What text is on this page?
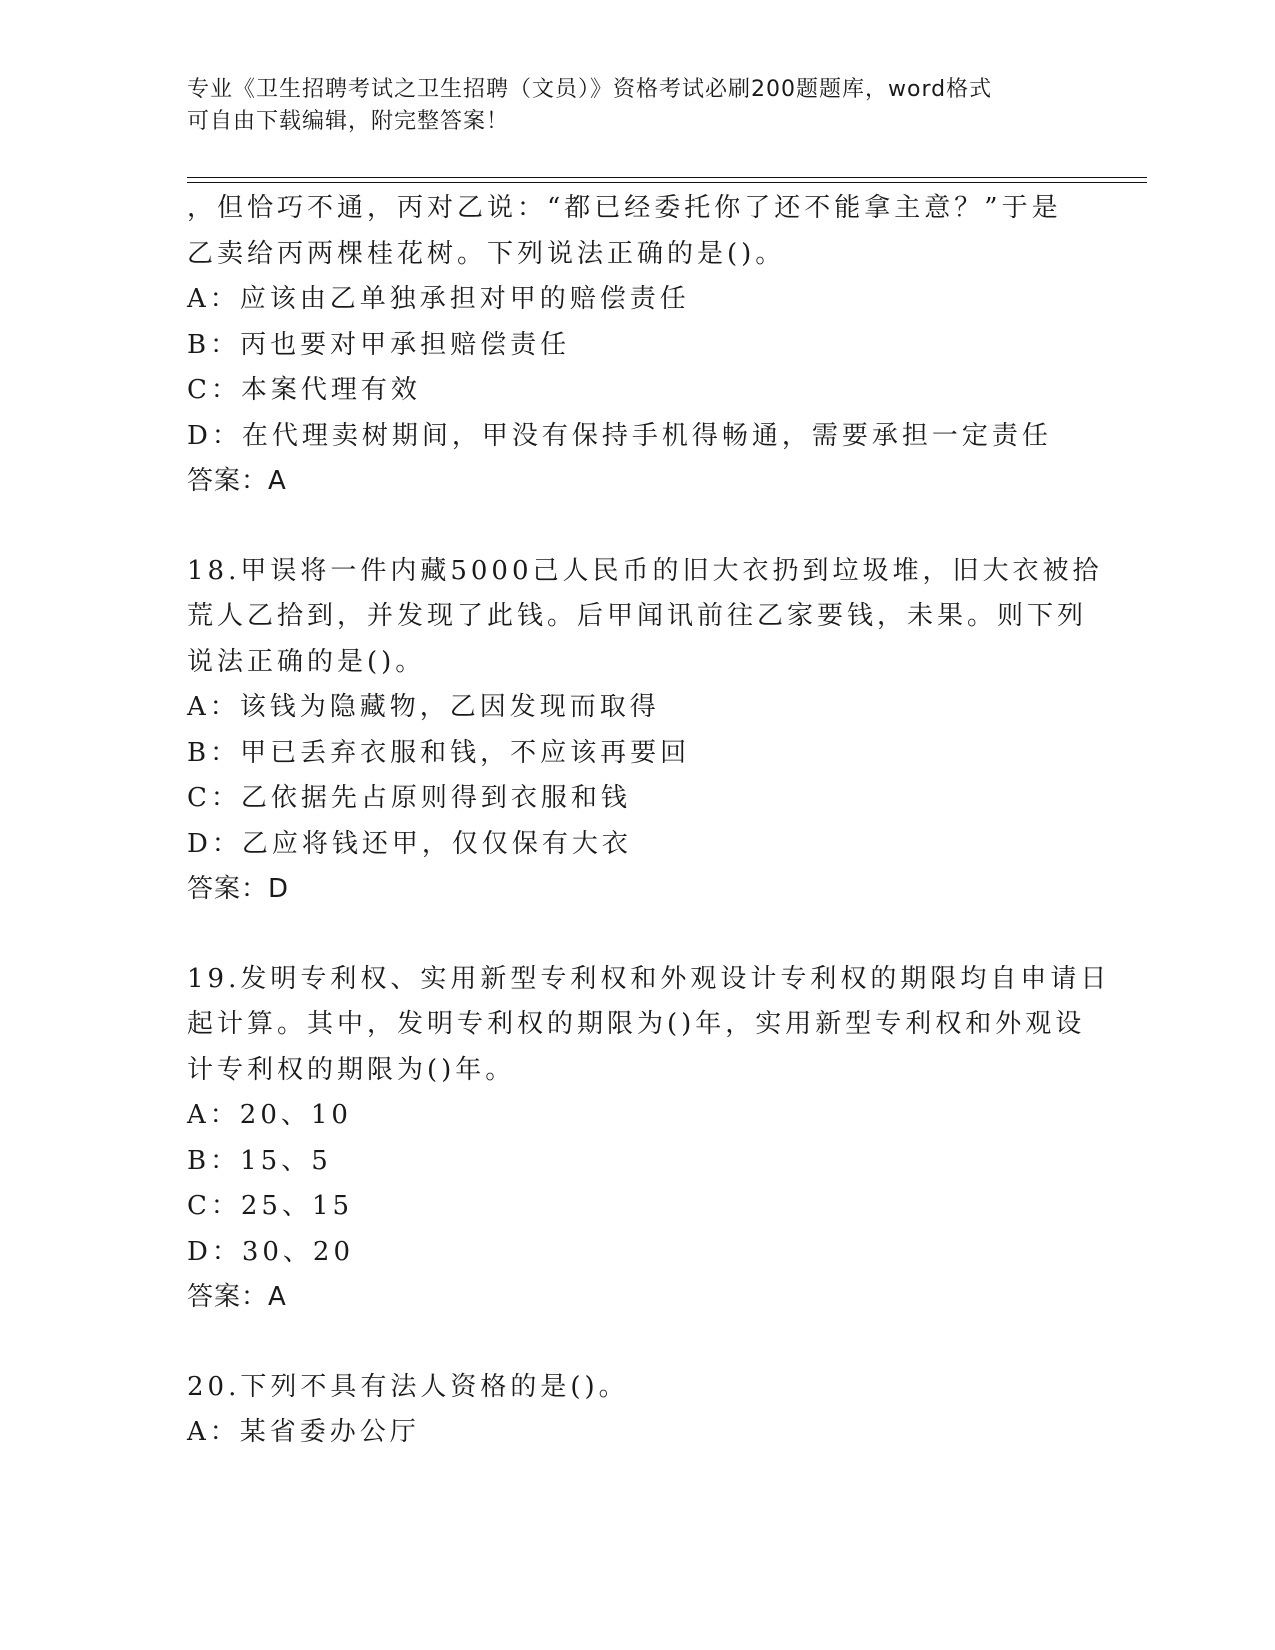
专业《卫生招聘考试之卫生招聘（文员）》资格考试必刷200题题库，word格式
可自由下载编辑，附完整答案！
，但恰巧不通，丙对乙说：“都已经委托你了还不能拿主意？”于是
乙卖给丙两棵桂花树。下列说法正确的是()。
A：应该由乙单独承担对甲的赔偿责任
B：丙也要对甲承担赔偿责任
C：本案代理有效
D：在代理卖树期间，甲没有保持手机得畅通，需要承担一定责任
答案：A
18.甲误将一件内藏5000己人民币的旧大衣扔到垃圾堆，旧大衣被拾
荒人乙拾到，并发现了此钱。后甲闻讯前往乙家要钱，未果。则下列
说法正确的是()。
A：该钱为隐藏物，乙因发现而取得
B：甲已丢弃衣服和钱，不应该再要回
C：乙依据先占原则得到衣服和钱
D：乙应将钱还甲，仅仅保有大衣
答案：D
19.发明专利权、实用新型专利权和外观设计专利权的期限均自申请日
起计算。其中，发明专利权的期限为()年，实用新型专利权和外观设
计专利权的期限为()年。
A：20、10
B：15、5
C：25、15
D：30、20
答案：A
20.下列不具有法人资格的是()。
A：某省委办公厅
